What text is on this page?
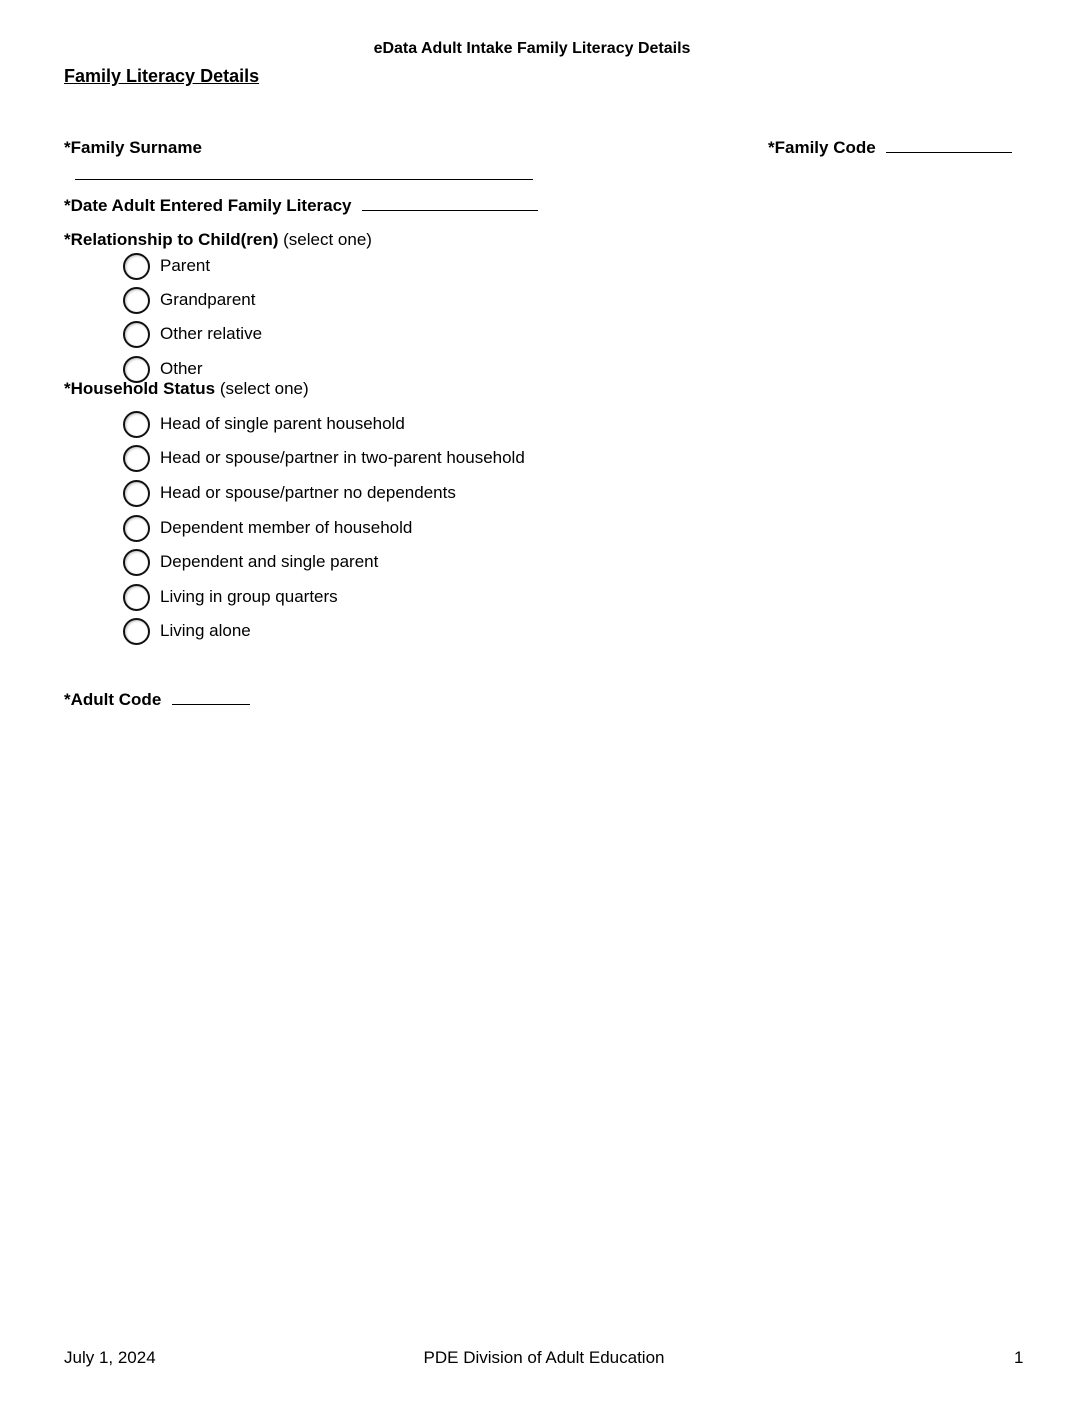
eData Adult Intake Family Literacy Details
Family Literacy Details
*Family Surname	*Family Code
*Date Adult Entered Family Literacy
*Relationship to Child(ren) (select one)
Parent
Grandparent
Other relative
Other
*Household Status (select one)
Head of single parent household
Head or spouse/partner in two-parent household
Head or spouse/partner no dependents
Dependent member of household
Dependent and single parent
Living in group quarters
Living alone
*Adult Code
July 1, 2024	PDE Division of Adult Education	1
